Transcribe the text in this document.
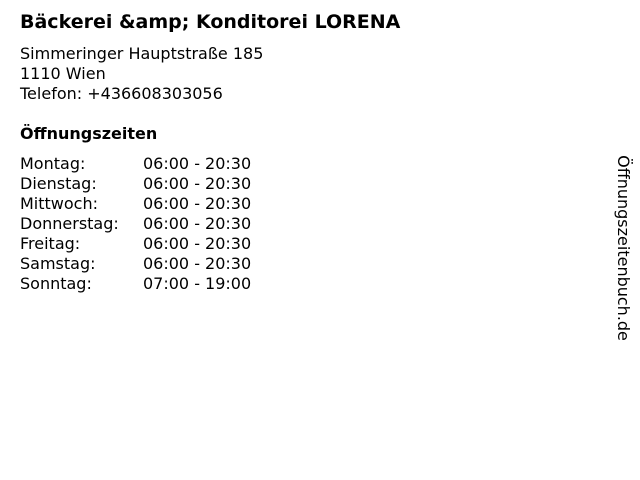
Bäckerei &amp; Konditorei LORENA
Simmeringer Hauptstraße 185
1110 Wien
Telefon: +436608303056
Öffnungszeiten
Montag:	06:00 - 20:30
Dienstag:	06:00 - 20:30
Mittwoch:	06:00 - 20:30
Donnerstag:	06:00 - 20:30
Freitag:	06:00 - 20:30
Samstag:	06:00 - 20:30
Sonntag:	07:00 - 19:00	Öffnungszeitenbuch.de
